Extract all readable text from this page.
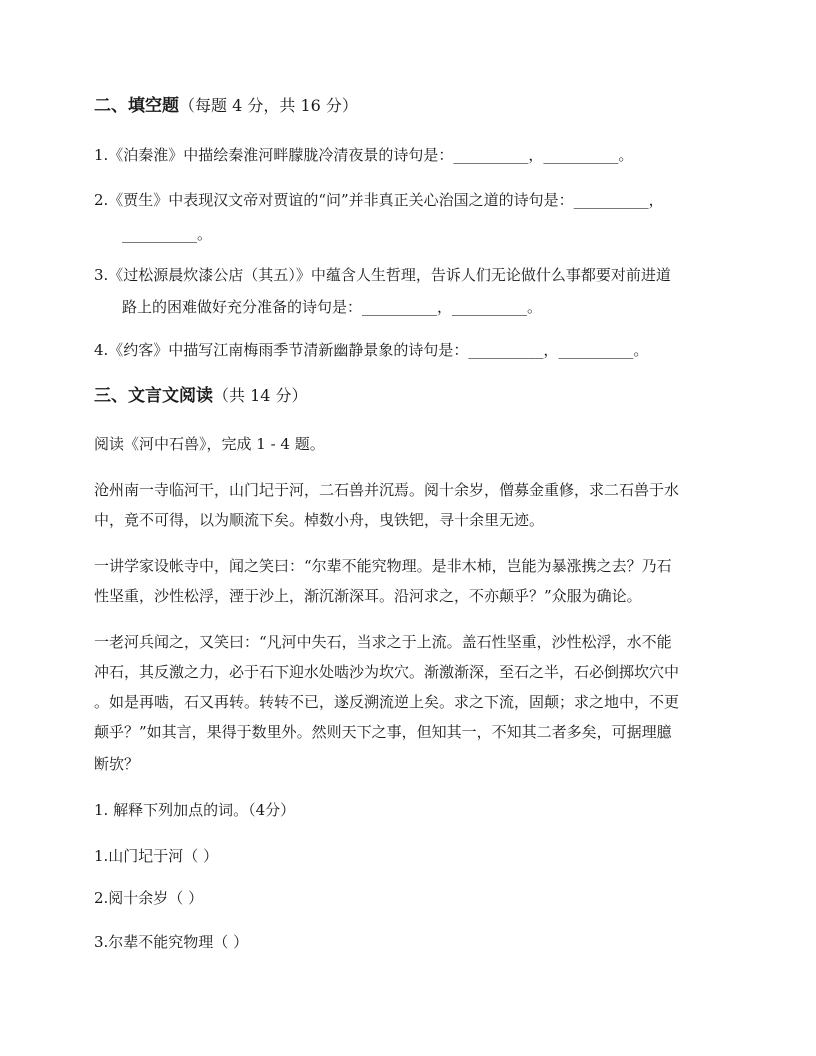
二、填空题（每题 4 分，共 16 分）
1.《泊秦淮》中描绘秦淮河畔朦胧冷清夜景的诗句是：__________，__________。
2.《贾生》中表现汉文帝对贾谊的“问”并非真正关心治国之道的诗句是：__________，
__________。
3.《过松源晨炊漆公店（其五）》中蕴含人生哲理，告诉人们无论做什么事都要对前进道
路上的困难做好充分准备的诗句是：__________，__________。
4.《约客》中描写江南梅雨季节清新幽静景象的诗句是：__________，__________。
三、文言文阅读（共 14 分）
阅读《河中石兽》，完成 1 - 4 题。
沧州南一寺临河干，山门圮于河，二石兽并沉焉。阅十余岁，僧募金重修，求二石兽于水
中，竟不可得，以为顺流下矣。棹数小舟，曳铁钯，寻十余里无迹。
一讲学家设帐寺中，闻之笑曰：“尔辈不能究物理。是非木杮，岂能为暴涨携之去？乃石
性坚重，沙性松浮，湮于沙上，渐沉渐深耳。沿河求之，不亦颠乎？”众服为确论。
一老河兵闻之，又笑曰：“凡河中失石，当求之于上流。盖石性坚重，沙性松浮，水不能
冲石，其反激之力，必于石下迎水处啮沙为坎穴。渐激渐深，至石之半，石必倒掷坎穴中
。如是再啮，石又再转。转转不已，遂反溯流逆上矣。求之下流，固颠；求之地中，不更
颠乎？”如其言，果得于数里外。然则天下之事，但知其一，不知其二者多矣，可据理臆
断欤？
1. 解释下列加点的词。（4分）
1.山门圮于河（ ）
2.阅十余岁（ ）
3.尔辈不能究物理（ ）
